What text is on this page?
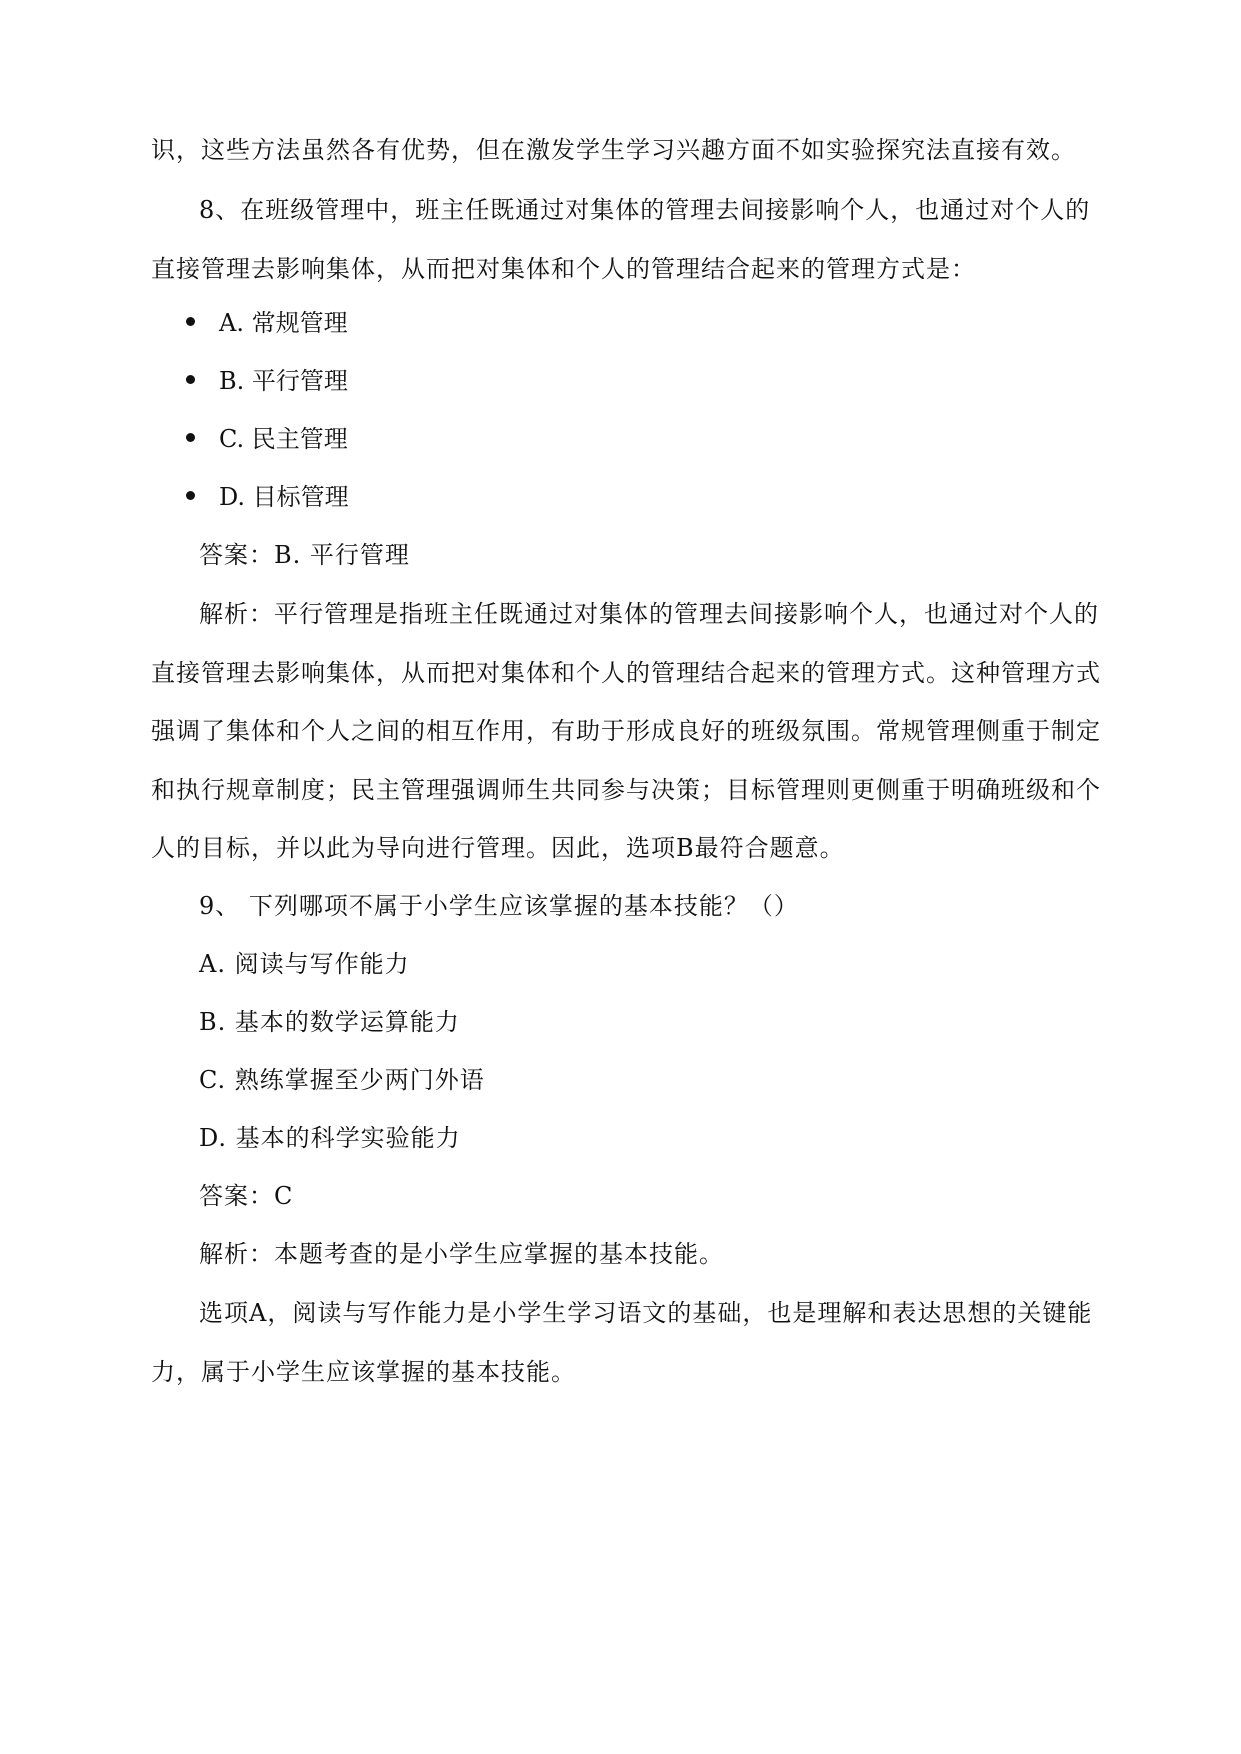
识，这些方法虽然各有优势，但在激发学生学习兴趣方面不如实验探究法直接有效。
8、在班级管理中，班主任既通过对集体的管理去间接影响个人，也通过对个人的
直接管理去影响集体，从而把对集体和个人的管理结合起来的管理方式是：
A. 常规管理
B. 平行管理
C. 民主管理
D. 目标管理
答案：B. 平行管理
解析：平行管理是指班主任既通过对集体的管理去间接影响个人，也通过对个人的
直接管理去影响集体，从而把对集体和个人的管理结合起来的管理方式。这种管理方式
强调了集体和个人之间的相互作用，有助于形成良好的班级氛围。常规管理侧重于制定
和执行规章制度；民主管理强调师生共同参与决策；目标管理则更侧重于明确班级和个
人的目标，并以此为导向进行管理。因此，选项B最符合题意。
9、 下列哪项不属于小学生应该掌握的基本技能？（）
A. 阅读与写作能力
B. 基本的数学运算能力
C. 熟练掌握至少两门外语
D. 基本的科学实验能力
答案：C
解析：本题考查的是小学生应掌握的基本技能。
选项A，阅读与写作能力是小学生学习语文的基础，也是理解和表达思想的关键能
力，属于小学生应该掌握的基本技能。
